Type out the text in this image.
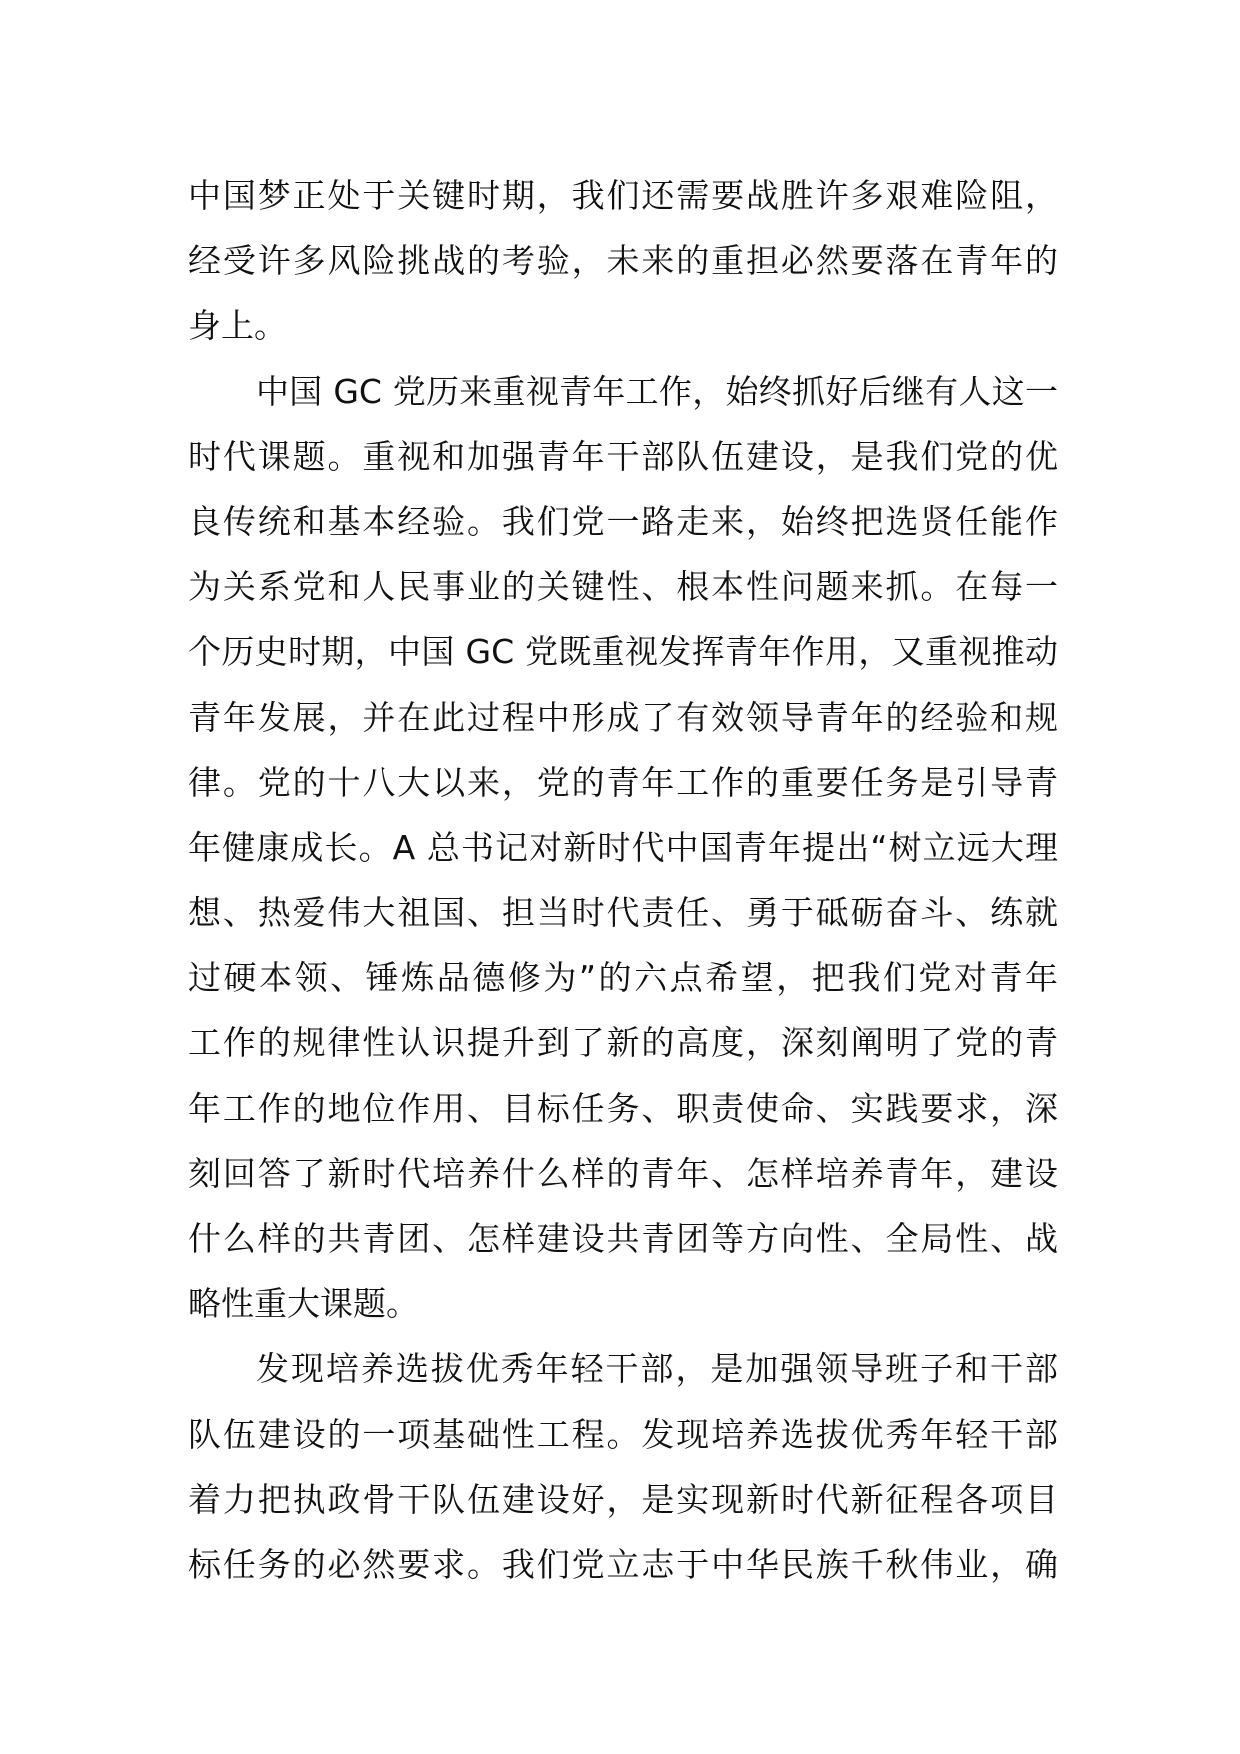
中国梦正处于关键时期，我们还需要战胜许多艰难险阻，
经受许多风险挑战的考验，未来的重担必然要落在青年的
身上。
中国 GC 党历来重视青年工作，始终抓好后继有人这一
时代课题。重视和加强青年干部队伍建设，是我们党的优
良传统和基本经验。我们党一路走来，始终把选贤任能作
为关系党和人民事业的关键性、根本性问题来抓。在每一
个历史时期，中国 GC 党既重视发挥青年作用，又重视推动
青年发展，并在此过程中形成了有效领导青年的经验和规
律。党的十八大以来，党的青年工作的重要任务是引导青
年健康成长。A 总书记对新时代中国青年提出“树立远大理
想、热爱伟大祖国、担当时代责任、勇于砥砺奋斗、练就
过硬本领、锤炼品德修为”的六点希望，把我们党对青年
工作的规律性认识提升到了新的高度，深刻阐明了党的青
年工作的地位作用、目标任务、职责使命、实践要求，深
刻回答了新时代培养什么样的青年、怎样培养青年，建设
什么样的共青团、怎样建设共青团等方向性、全局性、战
略性重大课题。
发现培养选拔优秀年轻干部，是加强领导班子和干部
队伍建设的一项基础性工程。发现培养选拔优秀年轻干部
着力把执政骨干队伍建设好，是实现新时代新征程各项目
标任务的必然要求。我们党立志于中华民族千秋伟业，确
